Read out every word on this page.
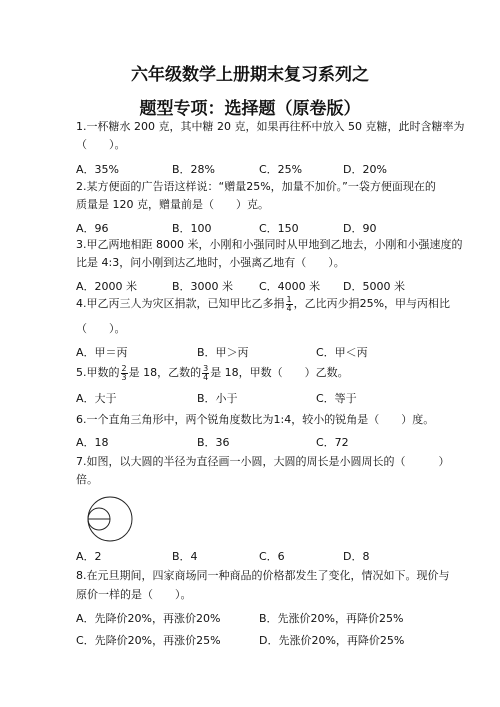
六年级数学上册期末复习系列之
题型专项：选择题（原卷版）
1.一杯糖水 200 克，其中糖 20 克，如果再往杯中放入 50 克糖，此时含糖率为
（　　）。
A．35%	B．28%	C．25%	D．20%
2.某方便面的广告语这样说：“赠量25%，加量不加价。”一袋方便面现在的
质量是 120 克，赠量前是（　　）克。
A．96	B．100	C．150	D．90
3.甲乙两地相距 8000 米，小刚和小强同时从甲地到乙地去，小刚和小强速度的
比是 4:3，问小刚到达乙地时，小强离乙地有（　　）。
A．2000 米	B．3000 米 C．4000 米 D．5000 米
4.甲乙丙三人为灾区捐款，已知甲比乙多捐 $\frac{1}{4}$ ，乙比丙少捐25%，甲与丙相比
（　　）。
A．甲＝丙	B．甲＞丙	C．甲＜丙
5.甲数的 $\frac{2}{3}$ 是 18，乙数的 $\frac{3}{4}$ 是 18，甲数（　　）乙数。
A．大于	B．小于	C．等于
6.一个直角三角形中，两个锐角度数比为1:4，较小的锐角是（　　）度。
A．18	B．36	C．72
7.如图，以大圆的半径为直径画一小圆，大圆的周长是小圆周长的（　　　）
倍。
A．2	B．4	C．6	D．8
8.在元旦期间，四家商场同一种商品的价格都发生了变化，情况如下。现价与
原价一样的是（　　）。
A．先降价20%，再涨价20%	B．先涨价20%，再降价25%
C．先降价20%，再涨价25%	D．先涨价20%，再降价25%
